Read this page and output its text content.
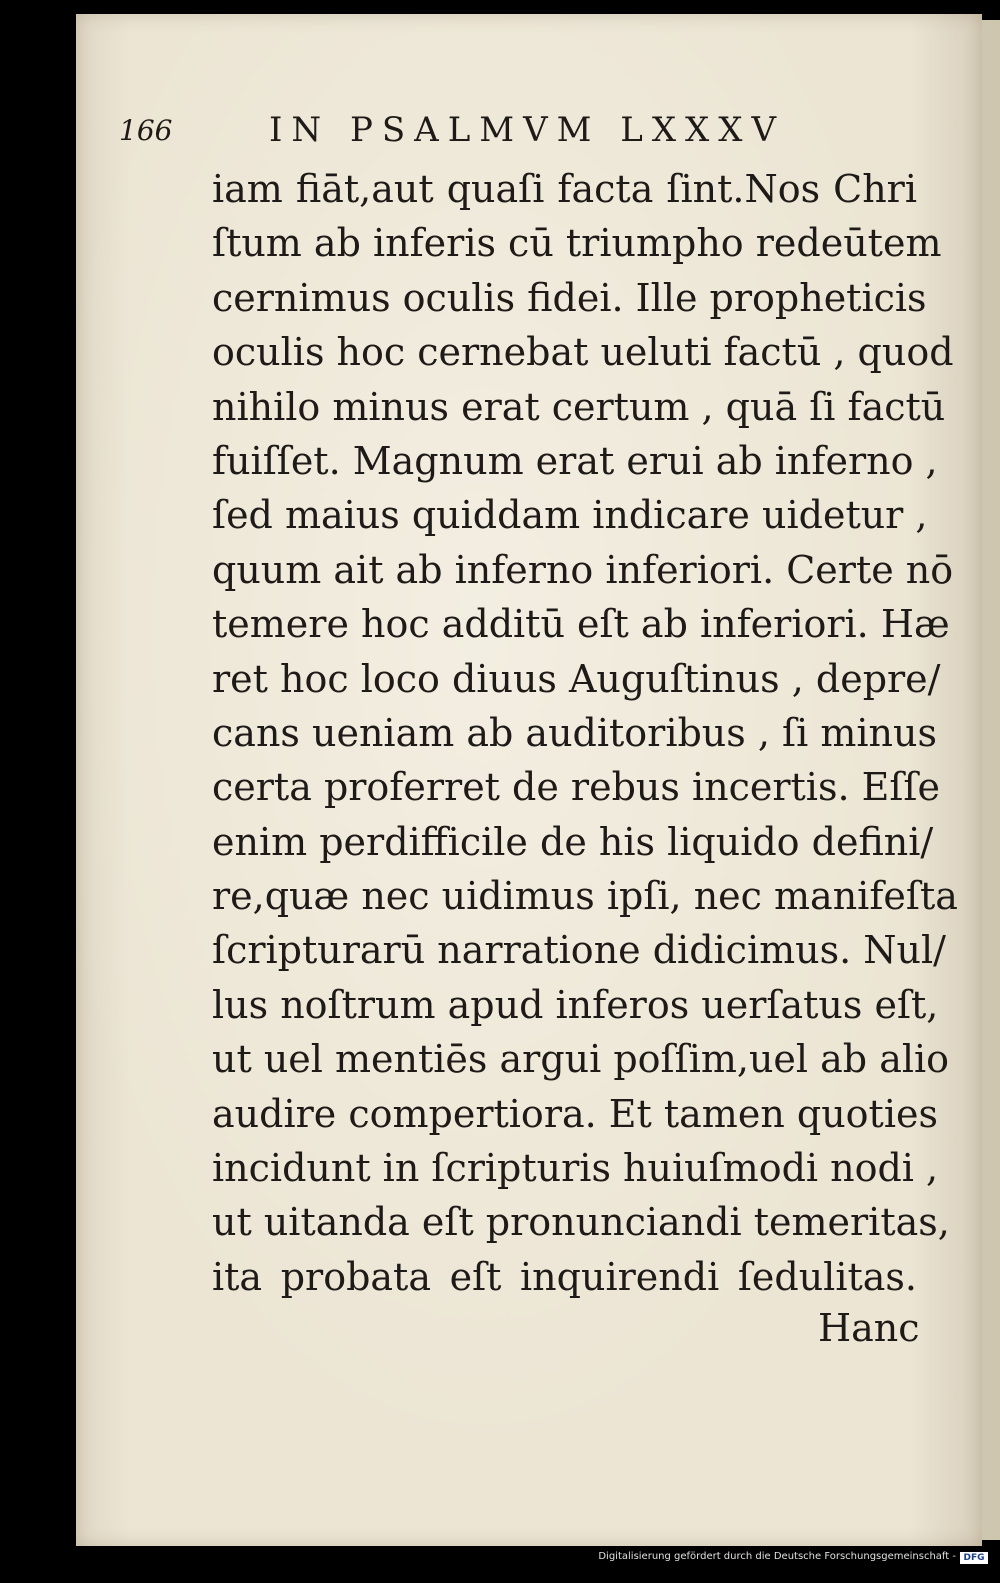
166	IN PSALMVM LXXXV
iam fiāt,aut quaſi facta ſint.Nos Chri
ſtum ab inferis cū triumpho redeūtem
cernimus oculis fidei. Ille propheticis
oculis hoc cernebat ueluti factū , quod
nihilo minus erat certum , quā ſi factū
fuiſſet. Magnum erat erui ab inferno ,
ſed maius quiddam indicare uidetur ,
quum ait ab inferno inferiori. Certe nō
temere hoc additū eſt ab inferiori. Hæ
ret hoc loco diuus Auguſtinus , depre/
cans ueniam ab auditoribus , ſi minus
certa proferret de rebus incertis. Eſſe
enim perdifficile de his liquido defini/
re,quæ nec uidimus ipſi, nec manifeſta
ſcripturarū narratione didicimus. Nul/
lus noſtrum apud inferos uerſatus eſt,
ut uel mentiēs argui poſſim,uel ab alio
audire compertiora. Et tamen quoties
incidunt in ſcripturis huiuſmodi nodi ,
ut uitanda eſt pronunciandi temeritas,
ita probata eſt inquirendi ſedulitas.
Hanc
Digitalisierung gefördert durch die Deutsche Forschungsgemeinschaft - DFG
